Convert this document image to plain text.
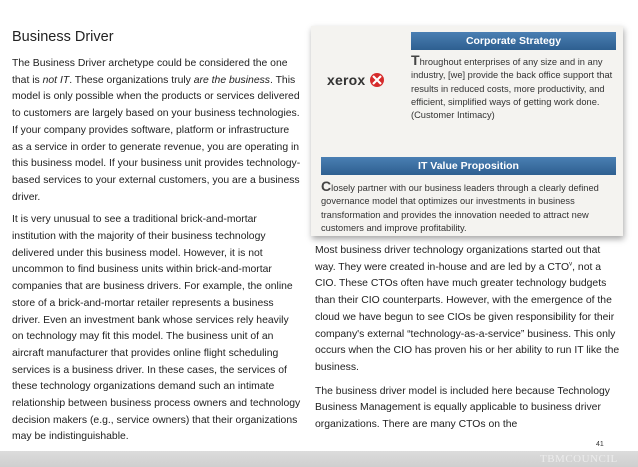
Business Driver

The Business Driver archetype could be considered the one that is not IT. These organizations truly are the business. This model is only possible when the products or services delivered to customers are largely based on your business technologies. If your company provides software, platform or infrastructure as a service in order to generate revenue, you are operating in this business model. If your business unit provides technology-based services to your external customers, you are a business driver.

It is very unusual to see a traditional brick-and-mortar institution with the majority of their business technology delivered under this business model. However, it is not uncommon to find business units within brick-and-mortar companies that are business drivers. For example, the online store of a brick-and-mortar retailer represents a business driver. Even an investment bank whose services rely heavily on technology may fit this model. The business unit of an aircraft manufacturer that provides online flight scheduling services is a business driver. In these cases, the services of these technology organizations demand such an intimate relationship between business process owners and technology decision makers (e.g., service owners) that their organizations may be indistinguishable.

Corporate Strategy
xerox
Throughout enterprises of any size and in any industry, [we] provide the back office support that results in reduced costs, more productivity, and efficient, simplified ways of getting work done. (Customer Intimacy)
IT Value Proposition
Closely partner with our business leaders through a clearly defined governance model that optimizes our investments in business transformation and provides the innovation needed to attract new customers and improve profitability.

Most business driver technology organizations started out that way. They were created in-house and are led by a CTO$^v$, not a CIO. These CTOs often have much greater technology budgets than their CIO counterparts. However, with the emergence of the cloud we have begun to see CIOs be given responsibility for their company's external “technology-as-a-service” business. This only occurs when the CIO has proven his or her ability to run IT like the business.

The business driver model is included here because Technology Business Management is equally applicable to business driver organizations. There are many CTOs on the

41
TBMCOUNCIL
